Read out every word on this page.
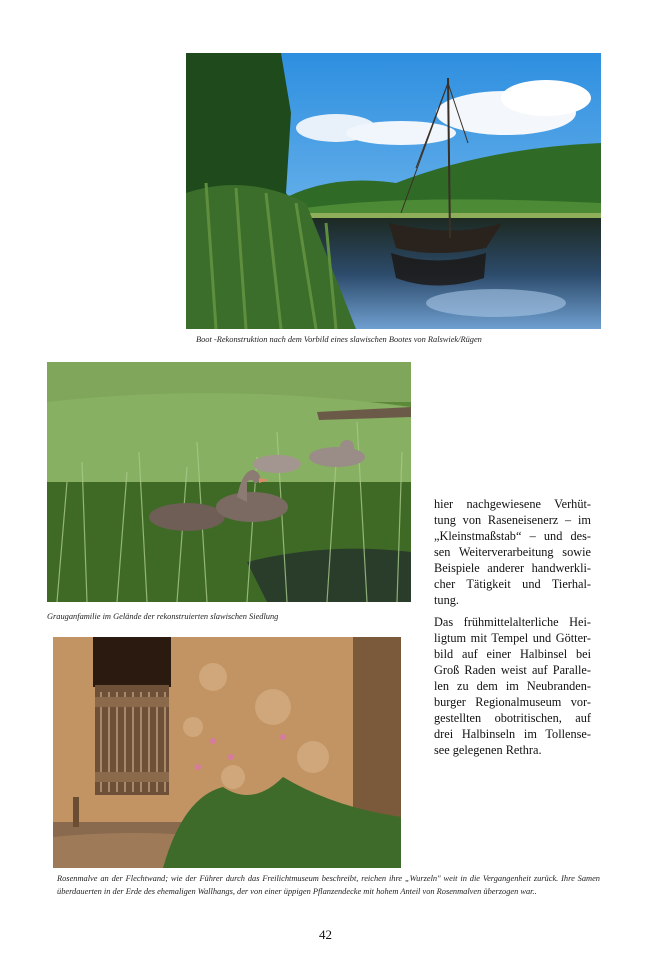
Boot -Rekonstruktion nach dem Vorbild eines slawischen Bootes von Ralswiek/Rügen
Grauganfamilie im Gelände der rekonstruierten slawischen Siedlung
Rosenmalve an der Flechtwand; wie der Führer durch das Freilichtmuseum beschreibt, reichen ihre „Wurzeln" weit in die Vergangenheit zurück. Ihre Samen überdauerten in der Erde des ehemaligen Wallhangs, der von einer üppigen Pflanzendecke mit hohem Anteil von Rosenmalven überzogen war..
hier nachgewiesene Verhüt-
tung von Raseneisenerz – im
„Kleinstmaßstab“ – und des-
sen Weiterverarbeitung sowie
Beispiele anderer handwerkli-
cher Tätigkeit und Tierhal-
tung.
Das frühmittelalterliche Hei-
ligtum mit Tempel und Götter-
bild auf einer Halbinsel bei
Groß Raden weist auf Paralle-
len zu dem im Neubranden-
burger Regionalmuseum vor-
gestellten obotritischen, auf
drei Halbinseln im Tollense-
see gelegenen Rethra.
42
